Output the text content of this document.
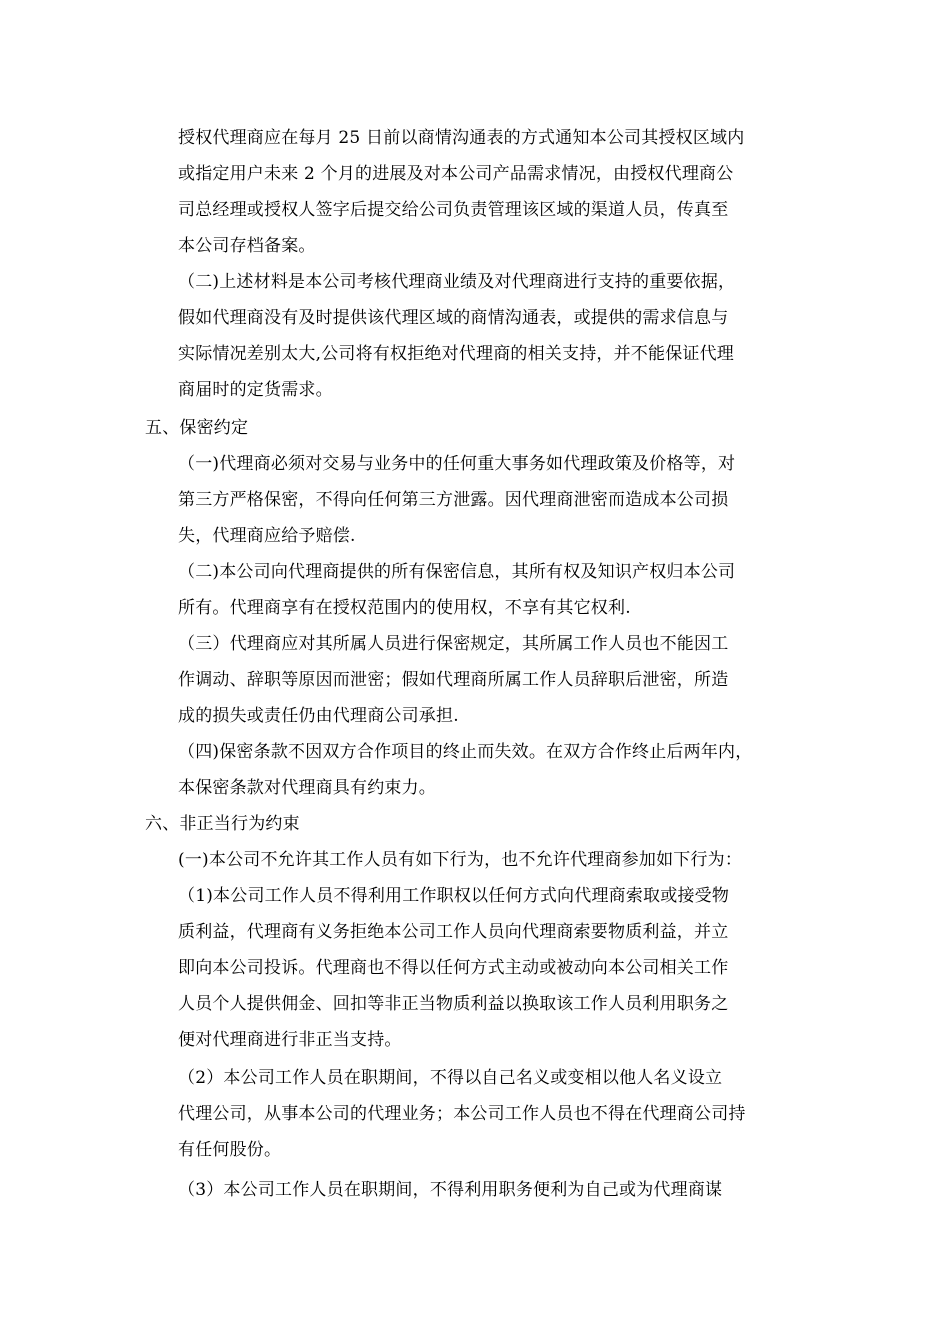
授权代理商应在每月 25 日前以商情沟通表的方式通知本公司其授权区域内
或指定用户未来 2 个月的进展及对本公司产品需求情况，由授权代理商公
司总经理或授权人签字后提交给公司负责管理该区域的渠道人员，传真至
本公司存档备案。
（二)上述材料是本公司考核代理商业绩及对代理商进行支持的重要依据，
假如代理商没有及时提供该代理区域的商情沟通表，或提供的需求信息与
实际情况差别太大,公司将有权拒绝对代理商的相关支持，并不能保证代理
商届时的定货需求。
五、保密约定
（一)代理商必须对交易与业务中的任何重大事务如代理政策及价格等，对
第三方严格保密，不得向任何第三方泄露。因代理商泄密而造成本公司损
失，代理商应给予赔偿.
（二)本公司向代理商提供的所有保密信息，其所有权及知识产权归本公司
所有。代理商享有在授权范围内的使用权，不享有其它权利.
（三）代理商应对其所属人员进行保密规定，其所属工作人员也不能因工
作调动、辞职等原因而泄密；假如代理商所属工作人员辞职后泄密，所造
成的损失或责任仍由代理商公司承担.
（四)保密条款不因双方合作项目的终止而失效。在双方合作终止后两年内，
本保密条款对代理商具有约束力。
六、非正当行为约束
(一)本公司不允许其工作人员有如下行为，也不允许代理商参加如下行为：
（1)本公司工作人员不得利用工作职权以任何方式向代理商索取或接受物
质利益，代理商有义务拒绝本公司工作人员向代理商索要物质利益，并立
即向本公司投诉。代理商也不得以任何方式主动或被动向本公司相关工作
人员个人提供佣金、回扣等非正当物质利益以换取该工作人员利用职务之
便对代理商进行非正当支持。
（2）本公司工作人员在职期间，不得以自己名义或变相以他人名义设立
代理公司，从事本公司的代理业务；本公司工作人员也不得在代理商公司持
有任何股份。
（3）本公司工作人员在职期间，不得利用职务便利为自己或为代理商谋
